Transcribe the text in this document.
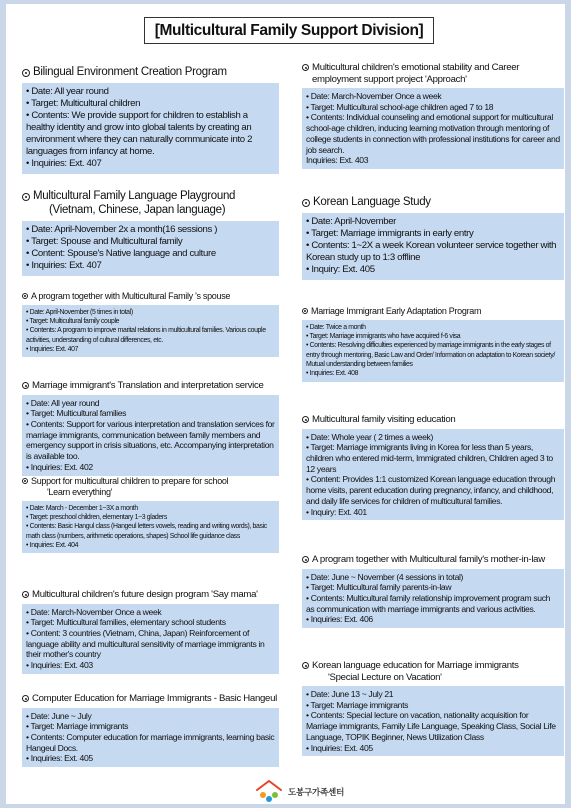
[Multicultural Family Support Division]
Bilingual Environment Creation Program
• Date: All year round
• Target: Multicultural children
• Contents: We provide support for children to establish a healthy identity and grow into global talents by creating an environment where they can naturally communicate into 2 languages from infancy at home.
• Inquiries: Ext. 407
Multicultural Family Language Playground
(Vietnam, Chinese, Japan language)
• Date: April-November 2x a month(16 sessions )
• Target: Spouse and Multicultural family
• Content: Spouse's Native language and culture
• Inquiries: Ext. 407
A program together with Multicultural Family 's spouse
• Date: April-November (5 times in total)
• Target: Multicultural family couple
• Contents: A program to improve marital relations in multicultural families. Various couple activities, understanding of cultural differences, etc.
• Inquiries: Ext. 407
Marriage immigrant's Translation and interpretation service
• Date: All year round
• Target: Multicultural families
• Contents: Support for various interpretation and translation services for marriage immigrants, communication between family members and emergency support in crisis situations, etc. Accompanying interpretation is available too.
• Inquiries: Ext. 402
Support for multicultural children to prepare for school
'Learn everything'
• Date: March - December 1~3X a month
• Target: preschool children, elementary 1~3 gladers
• Contents: Basic Hangul class (Hangeul letters vowels, reading and writing words), basic math class (numbers, arithmetic operations, shapes) School life guidance class
• Inquiries: Ext. 404
Multicultural children's future design program 'Say mama'
• Date: March-November Once a week
• Target: Multicultural families, elementary school students
• Content: 3 countries (Vietnam, China, Japan) Reinforcement of language ability and multicultural sensitivity of marriage immigrants in their mother's country
• Inquiries: Ext. 403
Computer Education for Marriage Immigrants - Basic Hangeul
• Date: June ~ July
• Target: Marriage immigrants
• Contents: Computer education for marriage immigrants, learning basic Hangeul Docs.
• Inquiries: Ext. 405
Multicultural children's emotional stability and Career employment support project 'Approach'
• Date: March-November Once a week
• Target: Multicultural school-age children aged 7 to 18
• Contents: Individual counseling and emotional support for multicultural school-age children, inducing learning motivation through mentoring of college students in connection with professional institutions for career and job search.
Inquiries: Ext. 403
Korean Language Study
• Date: April-November
• Target: Marriage immigrants in early entry
• Contents: 1~2X a week Korean volunteer service together with Korean study up to 1:3 offline
• Inquiry: Ext. 405
Marriage Immigrant Early Adaptation Program
• Date: Twice a month
• Target: Marriage immigrants who have acquired f-6 visa
• Contents: Resolving difficulties experienced by marriage immigrants in the early stages of entry through mentoring, Basic Law and Order/ Information on adaptation to Korean society/ Mutual understanding between families
• Inquiries: Ext. 408
Multicultural family visiting education
• Date: Whole year ( 2 times a week)
• Target: Marriage immigrants living in Korea for less than 5 years, children who entered mid-term, Immigrated children, Children aged 3 to 12 years
• Content: Provides 1:1 customized Korean language education through home visits, parent education during pregnancy, infancy, and childhood, and daily life services for children of multicultural families.
• Inquiry: Ext. 401
A program together with Multicultural family's mother-in-law
• Date: June ~ November (4 sessions in total)
• Target: Multicultural family parents-in-law
• Contents: Multicultural family relationship improvement program such as communication with marriage immigrants and various activities.
• Inquiries: Ext. 406
Korean language education for Marriage immigrants
'Special Lecture on Vacation'
• Date: June 13 ~ July 21
• Target: Marriage immigrants
• Contents: Special lecture on vacation, nationality acquisition for Marriage immigrants, Family Life Language, Speaking Class, Social Life Language, TOPIK Beginner, News Utilization Class
• Inquiries: Ext. 405
도봉구가족센터
